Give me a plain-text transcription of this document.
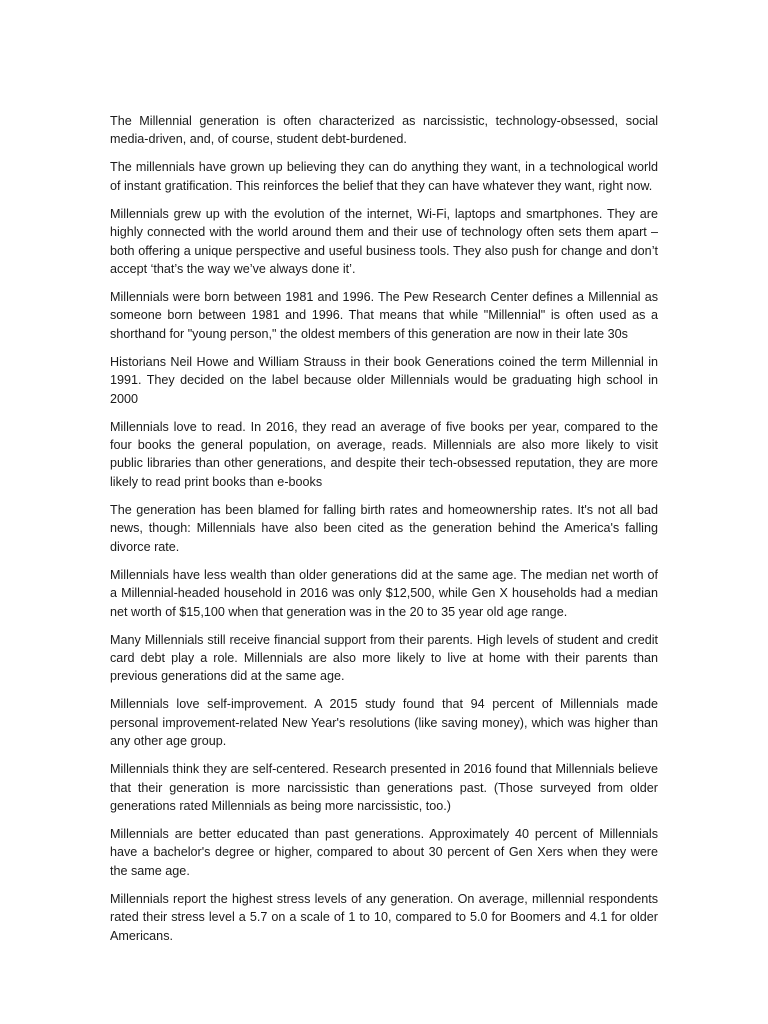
The Millennial generation is often characterized as narcissistic, technology-obsessed, social media-driven, and, of course, student debt-burdened.

The millennials have grown up believing they can do anything they want, in a technological world of instant gratification. This reinforces the belief that they can have whatever they want, right now.

Millennials grew up with the evolution of the internet, Wi-Fi, laptops and smartphones. They are highly connected with the world around them and their use of technology often sets them apart – both offering a unique perspective and useful business tools. They also push for change and don’t accept ‘that’s the way we’ve always done it’.

Millennials were born between 1981 and 1996. The Pew Research Center defines a Millennial as someone born between 1981 and 1996. That means that while "Millennial" is often used as a shorthand for "young person," the oldest members of this generation are now in their late 30s

Historians Neil Howe and William Strauss in their book Generations coined the term Millennial in 1991. They decided on the label because older Millennials would be graduating high school in 2000

Millennials love to read. In 2016, they read an average of five books per year, compared to the four books the general population, on average, reads. Millennials are also more likely to visit public libraries than other generations, and despite their tech-obsessed reputation, they are more likely to read print books than e-books

The generation has been blamed for falling birth rates and homeownership rates. It's not all bad news, though: Millennials have also been cited as the generation behind the America's falling divorce rate.

Millennials have less wealth than older generations did at the same age. The median net worth of a Millennial-headed household in 2016 was only $12,500, while Gen X households had a median net worth of $15,100 when that generation was in the 20 to 35 year old age range.

Many Millennials still receive financial support from their parents. High levels of student and credit card debt play a role. Millennials are also more likely to live at home with their parents than previous generations did at the same age.

Millennials love self-improvement. A 2015 study found that 94 percent of Millennials made personal improvement-related New Year's resolutions (like saving money), which was higher than any other age group.

Millennials think they are self-centered. Research presented in 2016 found that Millennials believe that their generation is more narcissistic than generations past. (Those surveyed from older generations rated Millennials as being more narcissistic, too.)

Millennials are better educated than past generations. Approximately 40 percent of Millennials have a bachelor's degree or higher, compared to about 30 percent of Gen Xers when they were the same age.

Millennials report the highest stress levels of any generation. On average, millennial respondents rated their stress level a 5.7 on a scale of 1 to 10, compared to 5.0 for Boomers and 4.1 for older Americans.
